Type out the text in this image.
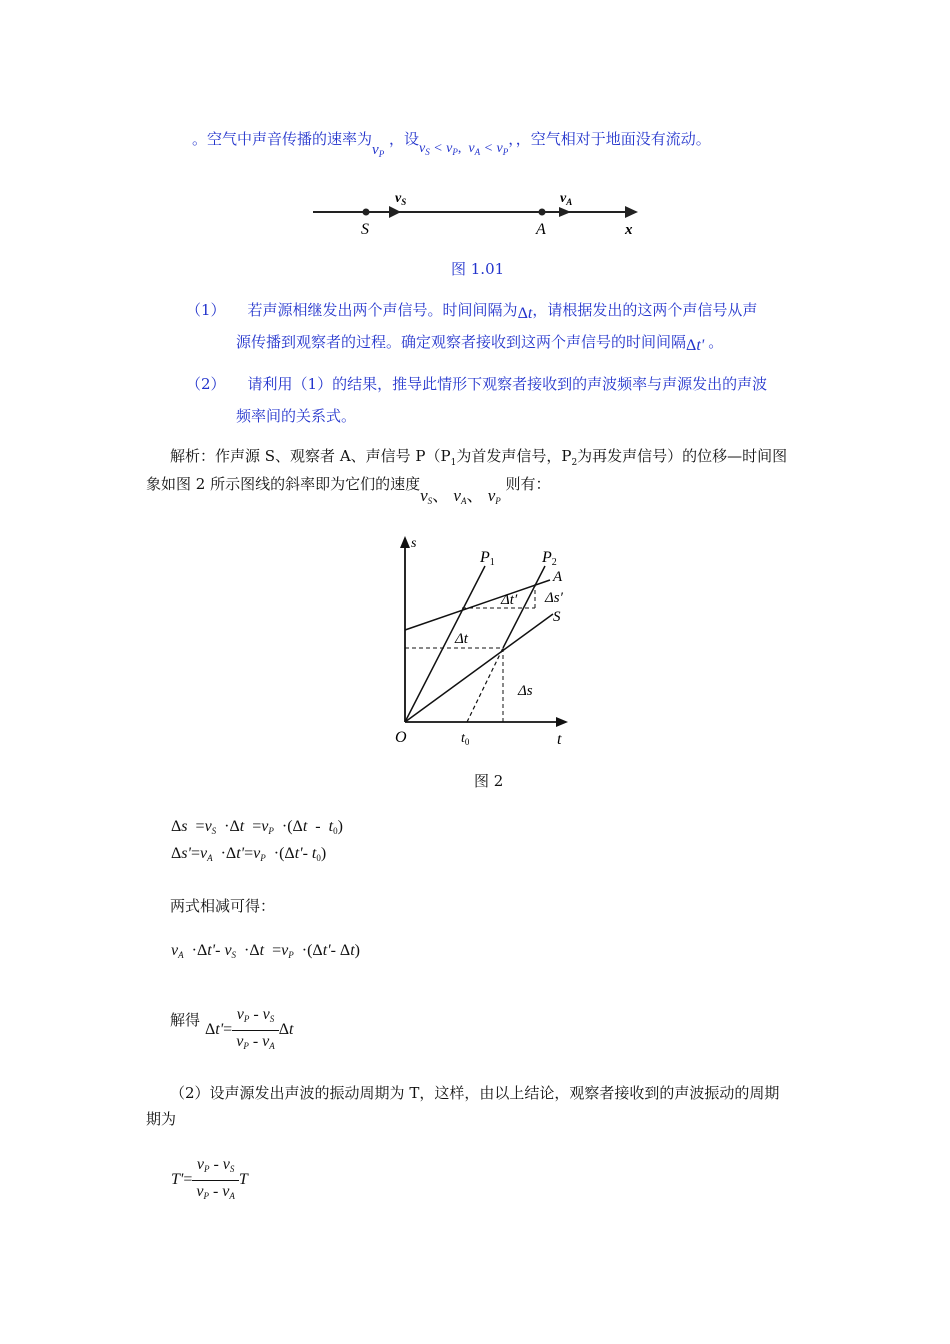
。空气中声音传播的速率为$v_P$ ，设$v_S < v_P$,  $v_A < v_P$，，空气相对于地面没有流动。
$v_S$	$v_A$
S	A	x
图 1.01
（1） 若声源相继发出两个声信号。时间间隔为Δt，请根据发出的这两个声信号从声
源传播到观察者的过程。确定观察者接收到这两个声信号的时间间隔Δt' 。
（2） 请利用（1）的结果，推导此情形下观察者接收到的声波频率与声源发出的声波
频率间的关系式。
解析：作声源 S、观察者 A、声信号 $P(P_1$为首发声信号，$P_2$为再发声信号）的位移—时间图
象如图 2 所示图线的斜率即为它们的速度$v_S$、 $v_A$、 $v_P$ 则有：
s
t
O	$t_0$
P1	P2
A
S
Δt
Δt′ Δs′
Δs
图 2
$\Delta s =v_S \cdot\Delta t =v_P \cdot(\Delta t - t_0)$
$\Delta s'=v_A \cdot\Delta t'=v_P \cdot(\Delta t'-$ $t_0$)
两式相减可得：
$v_A \cdot\Delta t'-$ $v_S \cdot\Delta t =v_P \cdot(\Delta t'-$ Δt)
解得
$\Delta t'= \frac{v_P - v_S}{v_P - v_A}$ Δt
（2）设声源发出声波的振动周期为 T，这样，由以上结论，观察者接收到的声波振动的周期
期为
$T'= \frac{v_P - v_S}{v_P - v_A}$ T
